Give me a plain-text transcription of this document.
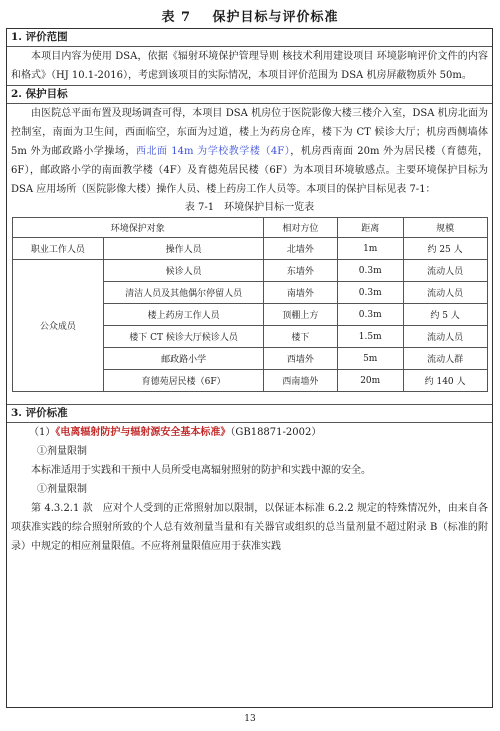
表 7 保护目标与评价标准
1. 评价范围
本项目内容为使用 DSA，依据《辐射环境保护管理导则 核技术利用建设项目 环境影响评价文件的内容和格式》（HJ 10.1-2016），考虑到该项目的实际情况，本项目评价范围为 DSA 机房屏蔽物质外 50m。
2. 保护目标
由医院总平面布置及现场调查可得，本项目 DSA 机房位于医院影像大楼三楼介入室，DSA 机房北面为控制室，南面为卫生间，西面临空，东面为过道，楼上为药房仓库，楼下为 CT 候诊大厅；机房西侧墙体 5m 外为邮政路小学操场，西北面 14m 为学校教学楼（4F），机房西南面 20m 外为居民楼（育德苑，6F），邮政路小学的南面教学楼（4F）及育德苑居民楼（6F）为本项目环境敏感点。主要环境保护目标为 DSA 应用场所（医院影像大楼）操作人员、楼上药房工作人员等。本项目的保护目标见表 7-1：
表 7-1　环境保护目标一览表
环境保护对象		相对方位	距离	规模
职业工作人员	操作人员	北墙外	1m	约 25 人
公众成员	候诊人员	东墙外	0.3m	流动人员
	清洁人员及其他偶尔停留人员	南墙外	0.3m	流动人员
	楼上药房工作人员	顶棚上方	0.3m	约 5 人
	楼下 CT 候诊大厅候诊人员	楼下	1.5m	流动人员
	邮政路小学	西墙外	5m	流动人群
	育德苑居民楼（6F）	西南墙外	20m	约 140 人
3. 评价标准
（1）《电离辐射防护与辐射源安全基本标准》（GB18871-2002）
①剂量限制
本标准适用于实践和干预中人员所受电离辐射照射的防护和实践中源的安全。
①剂量限制
第 4.3.2.1 款　应对个人受到的正常照射加以限制，以保证本标准 6.2.2 规定的特殊情况外，由来自各项获准实践的综合照射所致的个人总有效剂量当量和有关器官或组织的总当量剂量不超过附录 B（标准的附录）中规定的相应剂量限值。不应将剂量限值应用于获准实践
13
